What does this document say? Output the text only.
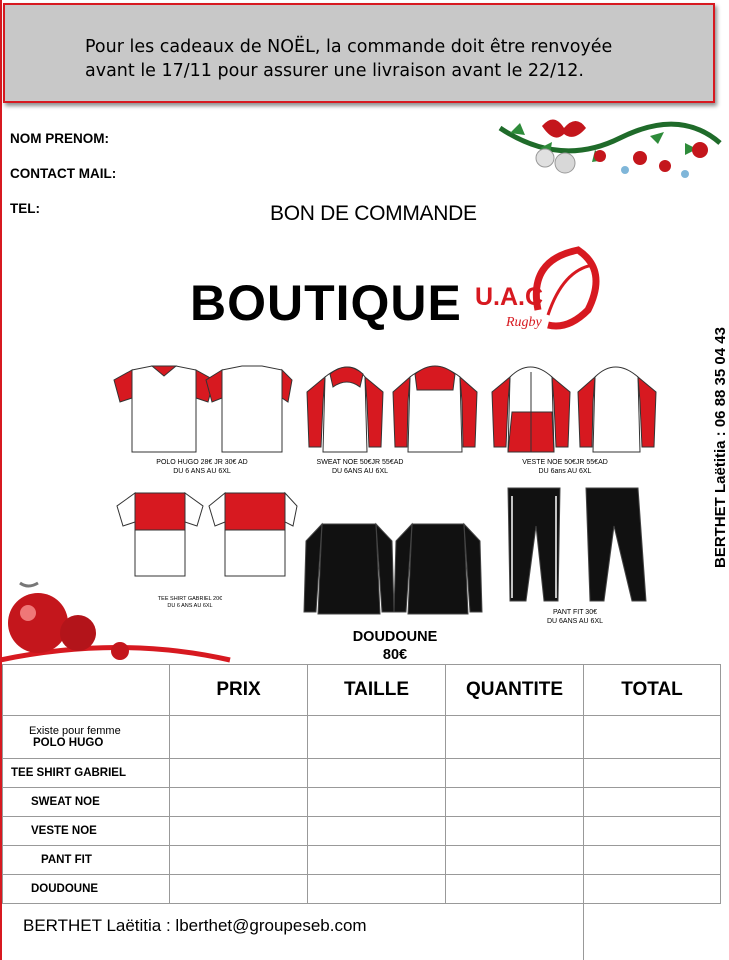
Pour les cadeaux de NOËL, la commande doit être renvoyée
avant le 17/11 pour assurer une livraison avant le 22/12.
NOM PRENOM:
CONTACT MAIL:
TEL:	BON DE COMMANDE
BOUTIQUE U.A.C
Rugby
BERTHET Laëtitia : 06 88 35 04 43
POLO HUGO 28€ JR 30€ AD
DU 6 ANS AU 6XL
SWEAT NOE 50€JR 55€AD
DU 6ANS AU 6XL
VESTE NOE 50€JR 55€AD
DU 6ans AU 6XL
TEE SHIRT GABRIEL 20€
DU 6 ANS AU 6XL
DOUDOUNE
80€
PANT FIT 30€
DU 6ANS AU 6XL
	PRIX	TAILLE	QUANTITE	TOTAL

Existe pour femme
POLO HUGO				
TEE SHIRT GABRIEL				
SWEAT NOE				
VESTE NOE				
PANT FIT				
DOUDOUNE				
BERTHET Laëtitia : lberthet@groupeseb.com
